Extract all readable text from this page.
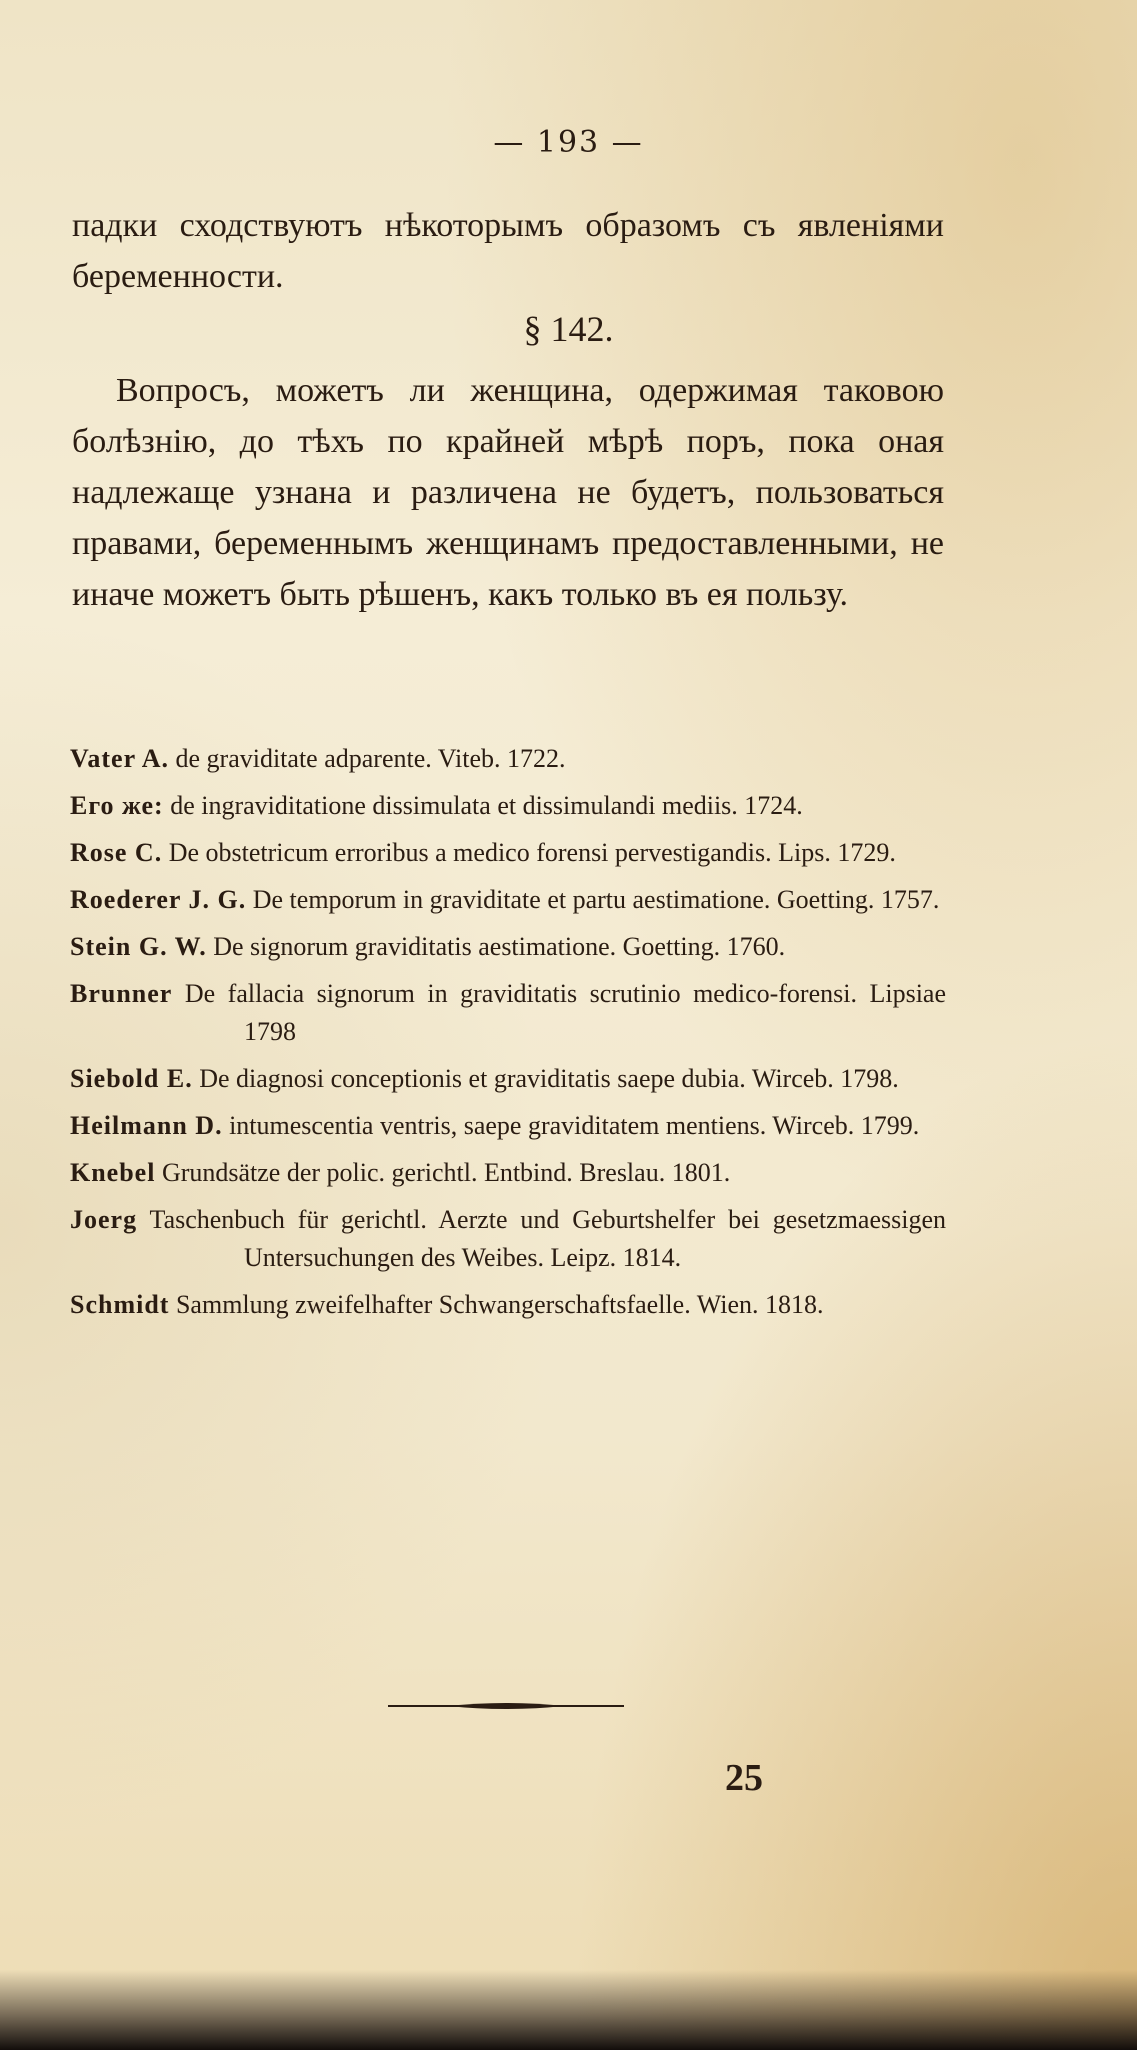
— 193 —
падки сходствуютъ нѣкоторымъ образомъ съ явленіями беременности.
§ 142.
Вопросъ, можетъ ли женщина, одержимая таковою болѣзнію, до тѣхъ по крайней мѣрѣ поръ, пока оная надлежаще узнана и различена не будетъ, пользоваться правами, беременнымъ женщинамъ предоставленными, не иначе можетъ быть рѣшенъ, какъ только въ ея пользу.

Vater A. de graviditate adparente. Viteb. 1722.

Его же: de ingraviditatione dissimulata et dissimulandi mediis. 1724.

Rose C. De obstetricum erroribus a medico forensi pervestigandis. Lips. 1729.

Roederer J. G. De temporum in graviditate et partu aestimatione. Goetting. 1757.

Stein G. W. De signorum graviditatis aestimatione. Goetting. 1760.

Brunner De fallacia signorum in graviditatis scrutinio medico-forensi. Lipsiae 1798

Siebold E. De diagnosi conceptionis et graviditatis saepe dubia. Wirceb. 1798.

Heilmann D. intumescentia ventris, saepe graviditatem mentiens. Wirceb. 1799.

Knebel Grundsätze der polic. gerichtl. Entbind. Breslau. 1801.

Joerg Taschenbuch für gerichtl. Aerzte und Geburtshelfer bei gesetzmaessigen Untersuchungen des Weibes. Leipz. 1814.

Schmidt Sammlung zweifelhafter Schwangerschaftsfaelle. Wien. 1818.

25
